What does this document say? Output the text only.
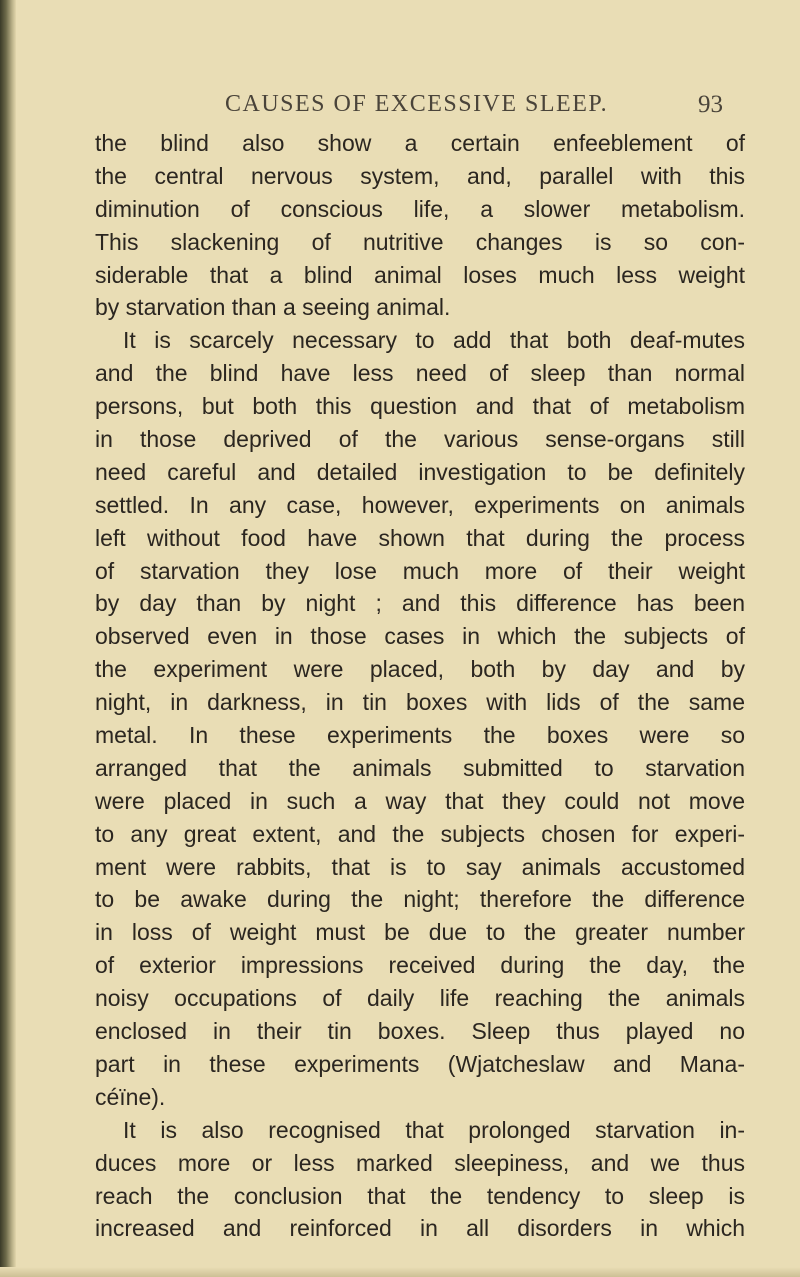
CAUSES OF EXCESSIVE SLEEP.	93
the blind also show a certain enfeeblement of
the central nervous system, and, parallel with this
diminution of conscious life, a slower metabolism.
This slackening of nutritive changes is so con-
siderable that a blind animal loses much less weight
by starvation than a seeing animal.
It is scarcely necessary to add that both deaf-mutes
and the blind have less need of sleep than normal
persons, but both this question and that of metabolism
in those deprived of the various sense-organs still
need careful and detailed investigation to be definitely
settled. In any case, however, experiments on animals
left without food have shown that during the process
of starvation they lose much more of their weight
by day than by night ; and this difference has been
observed even in those cases in which the subjects of
the experiment were placed, both by day and by
night, in darkness, in tin boxes with lids of the same
metal. In these experiments the boxes were so
arranged that the animals submitted to starvation
were placed in such a way that they could not move
to any great extent, and the subjects chosen for experi-
ment were rabbits, that is to say animals accustomed
to be awake during the night; therefore the difference
in loss of weight must be due to the greater number
of exterior impressions received during the day, the
noisy occupations of daily life reaching the animals
enclosed in their tin boxes. Sleep thus played no
part in these experiments (Wjatcheslaw and Mana-
céïne).
It is also recognised that prolonged starvation in-
duces more or less marked sleepiness, and we thus
reach the conclusion that the tendency to sleep is
increased and reinforced in all disorders in which
